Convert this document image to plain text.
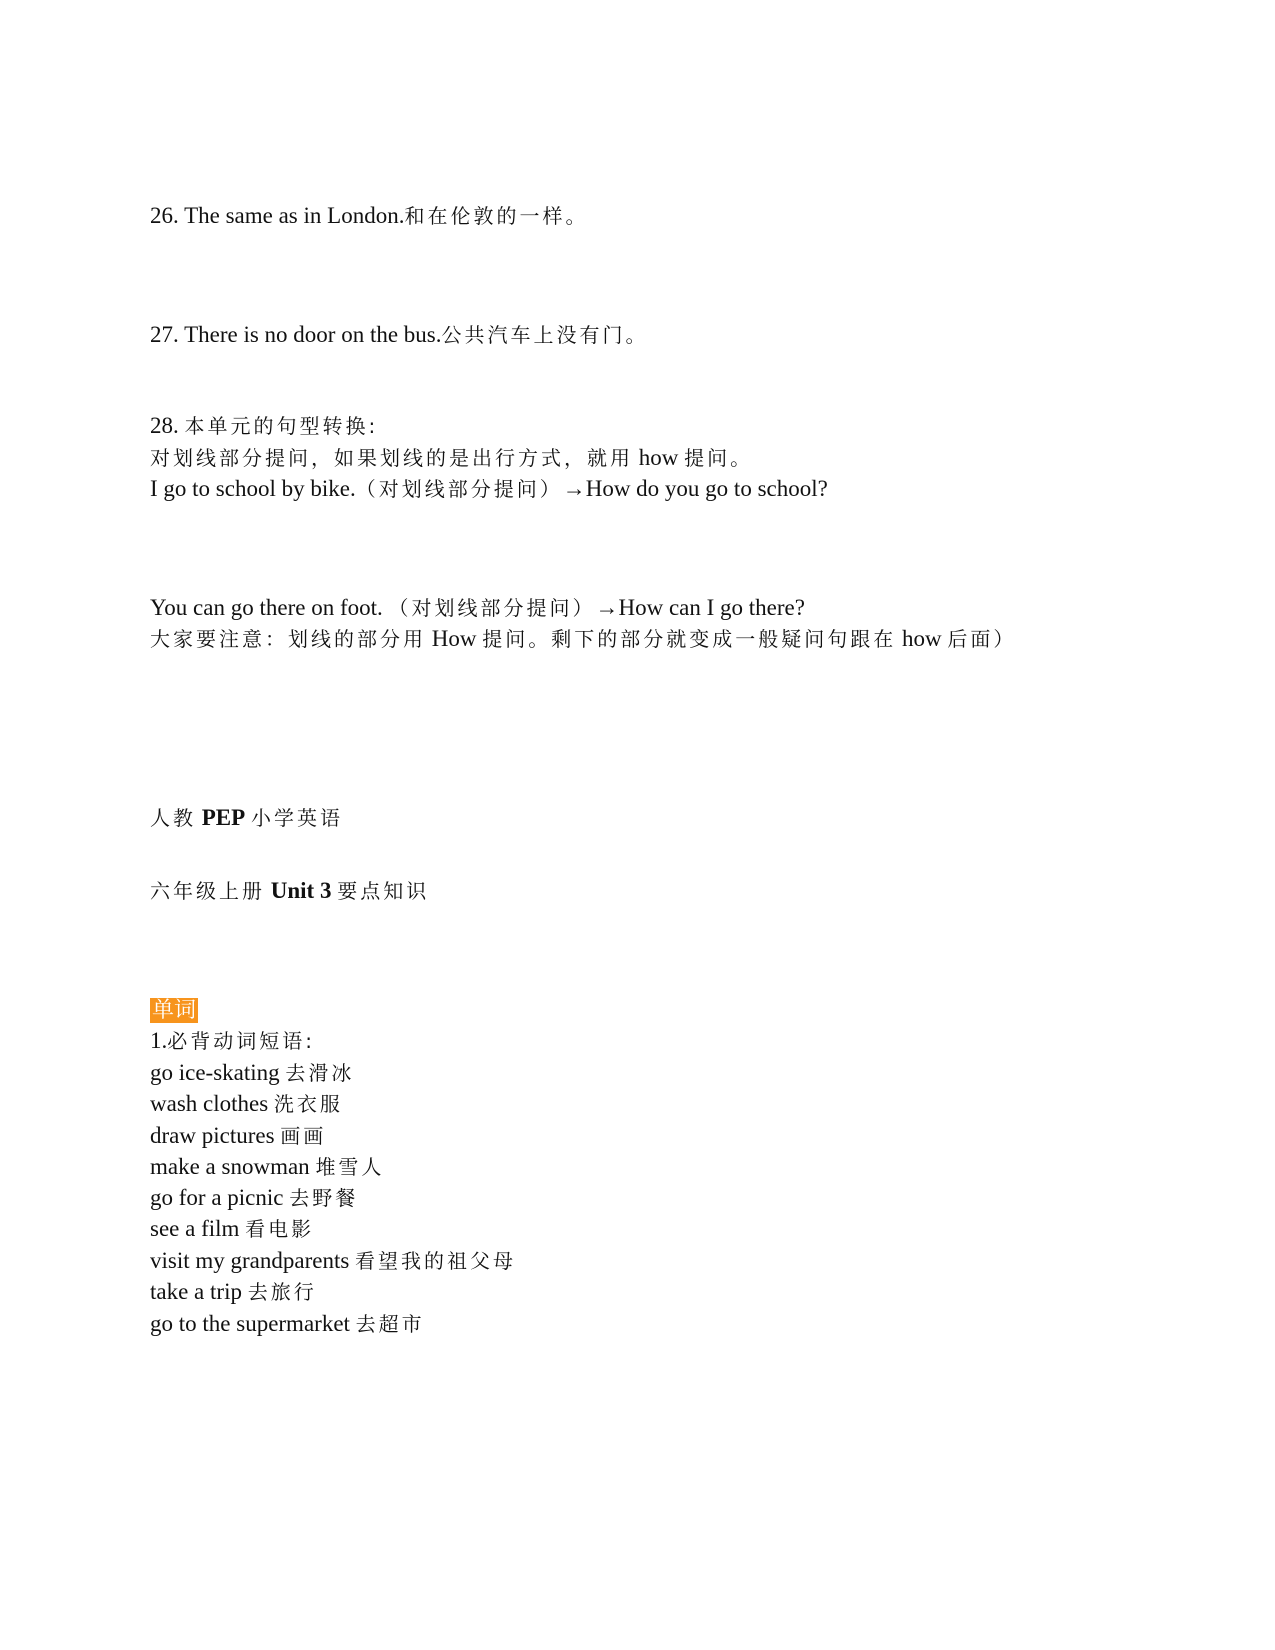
26. The same as in London.和在伦敦的一样。
27. There is no door on the bus.公共汽车上没有门。
28. 本单元的句型转换:
对划线部分提问，如果划线的是出行方式，就用 how 提问。
I go to school by bike.（对划线部分提问）→How do you go to school?
You can go there on foot. （对划线部分提问）→How can I go there?
大家要注意：划线的部分用 How 提问。剩下的部分就变成一般疑问句跟在 how 后面）
人教 PEP 小学英语
六年级上册 Unit 3 要点知识
单词
1.必背动词短语:
go ice-skating 去滑冰
wash clothes 洗衣服
draw pictures 画画
make a snowman 堆雪人
go for a picnic 去野餐
see a film 看电影
visit my grandparents 看望我的祖父母
take a trip 去旅行
go to the supermarket 去超市
